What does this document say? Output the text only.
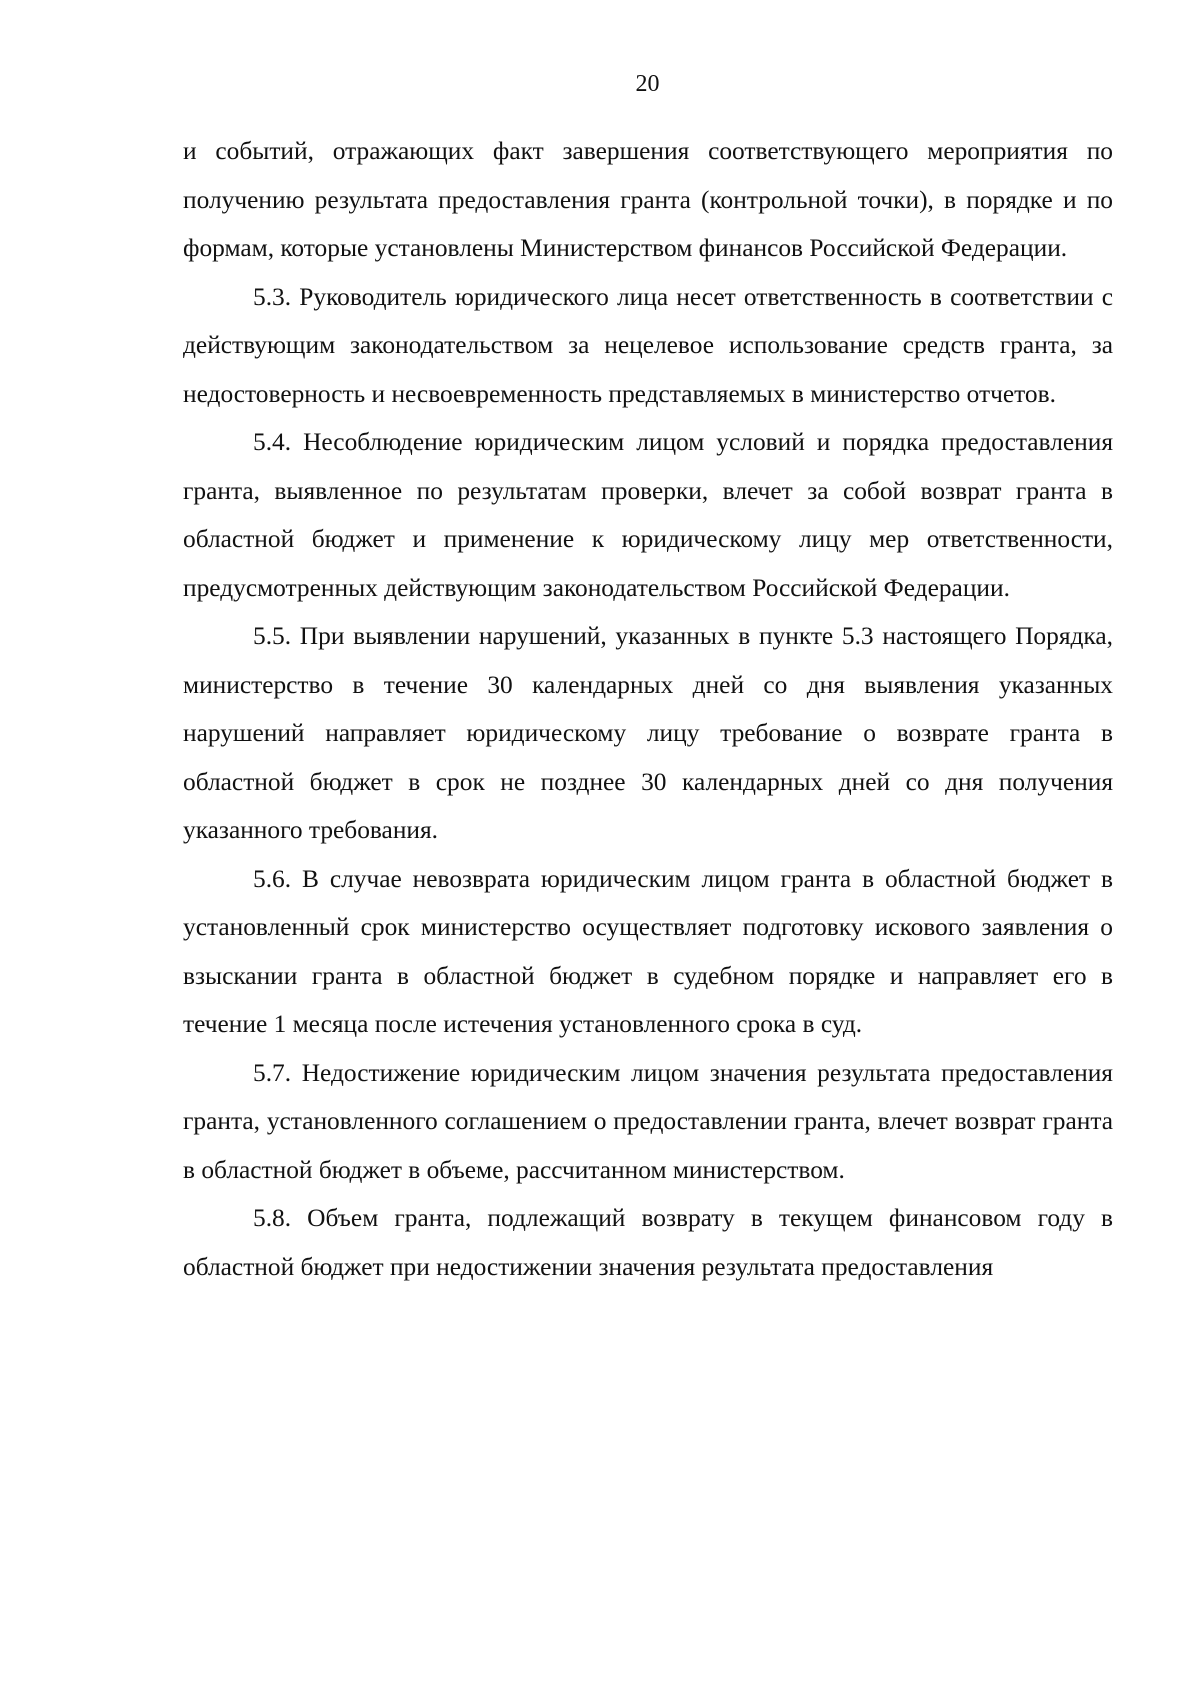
20

и событий, отражающих факт завершения соответствующего мероприятия по получению результата предоставления гранта (контрольной точки), в порядке и по формам, которые установлены Министерством финансов Российской Федерации.

5.3. Руководитель юридического лица несет ответственность в соответствии с действующим законодательством за нецелевое использование средств гранта, за недостоверность и несвоевременность представляемых в министерство отчетов.

5.4. Несоблюдение юридическим лицом условий и порядка предоставления гранта, выявленное по результатам проверки, влечет за собой возврат гранта в областной бюджет и применение к юридическому лицу мер ответственности, предусмотренных действующим законодательством Российской Федерации.

5.5. При выявлении нарушений, указанных в пункте 5.3 настоящего Порядка, министерство в течение 30 календарных дней со дня выявления указанных нарушений направляет юридическому лицу требование о возврате гранта в областной бюджет в срок не позднее 30 календарных дней со дня получения указанного требования.

5.6. В случае невозврата юридическим лицом гранта в областной бюджет в установленный срок министерство осуществляет подготовку искового заявления о взыскании гранта в областной бюджет в судебном порядке и направляет его в течение 1 месяца после истечения установленного срока в суд.

5.7. Недостижение юридическим лицом значения результата предоставления гранта, установленного соглашением о предоставлении гранта, влечет возврат гранта в областной бюджет в объеме, рассчитанном министерством.

5.8. Объем гранта, подлежащий возврату в текущем финансовом году в областной бюджет при недостижении значения результата предоставления
